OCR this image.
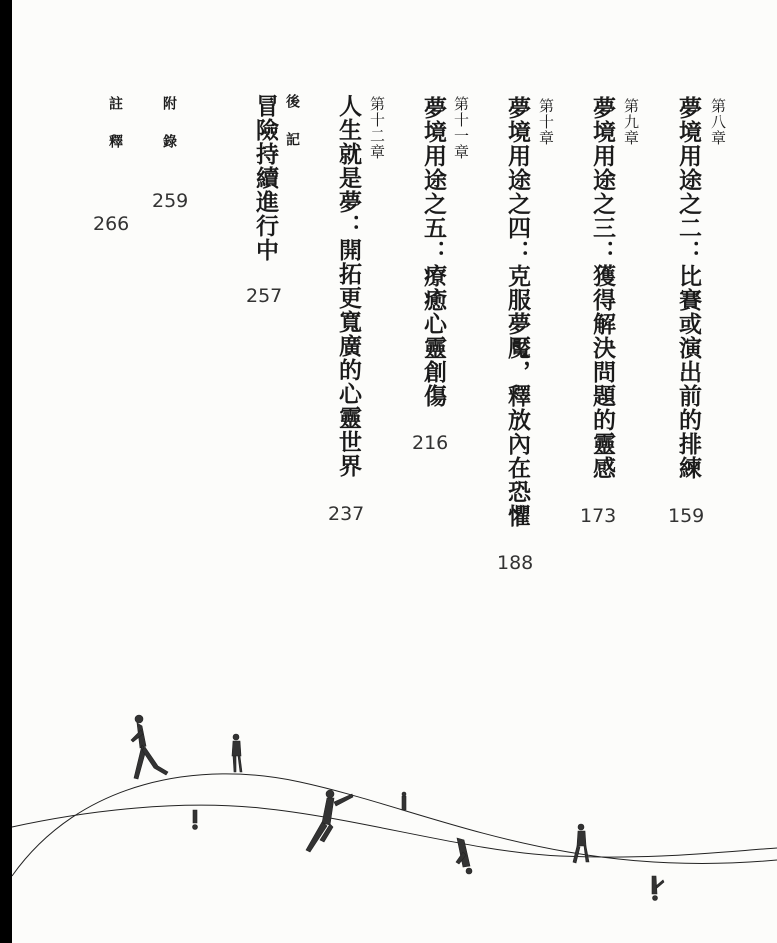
第八章
夢境用途之二：比賽或演出前的排練
159
第九章
夢境用途之三：獲得解決問題的靈感
173
第十章
夢境用途之四：克服夢魘，釋放內在恐懼
188
第十一章
夢境用途之五：療癒心靈創傷
216
第十二章
人生就是夢：開拓更寬廣的心靈世界
237
後記
冒險持續進行中
257
附錄
259
註釋
266
